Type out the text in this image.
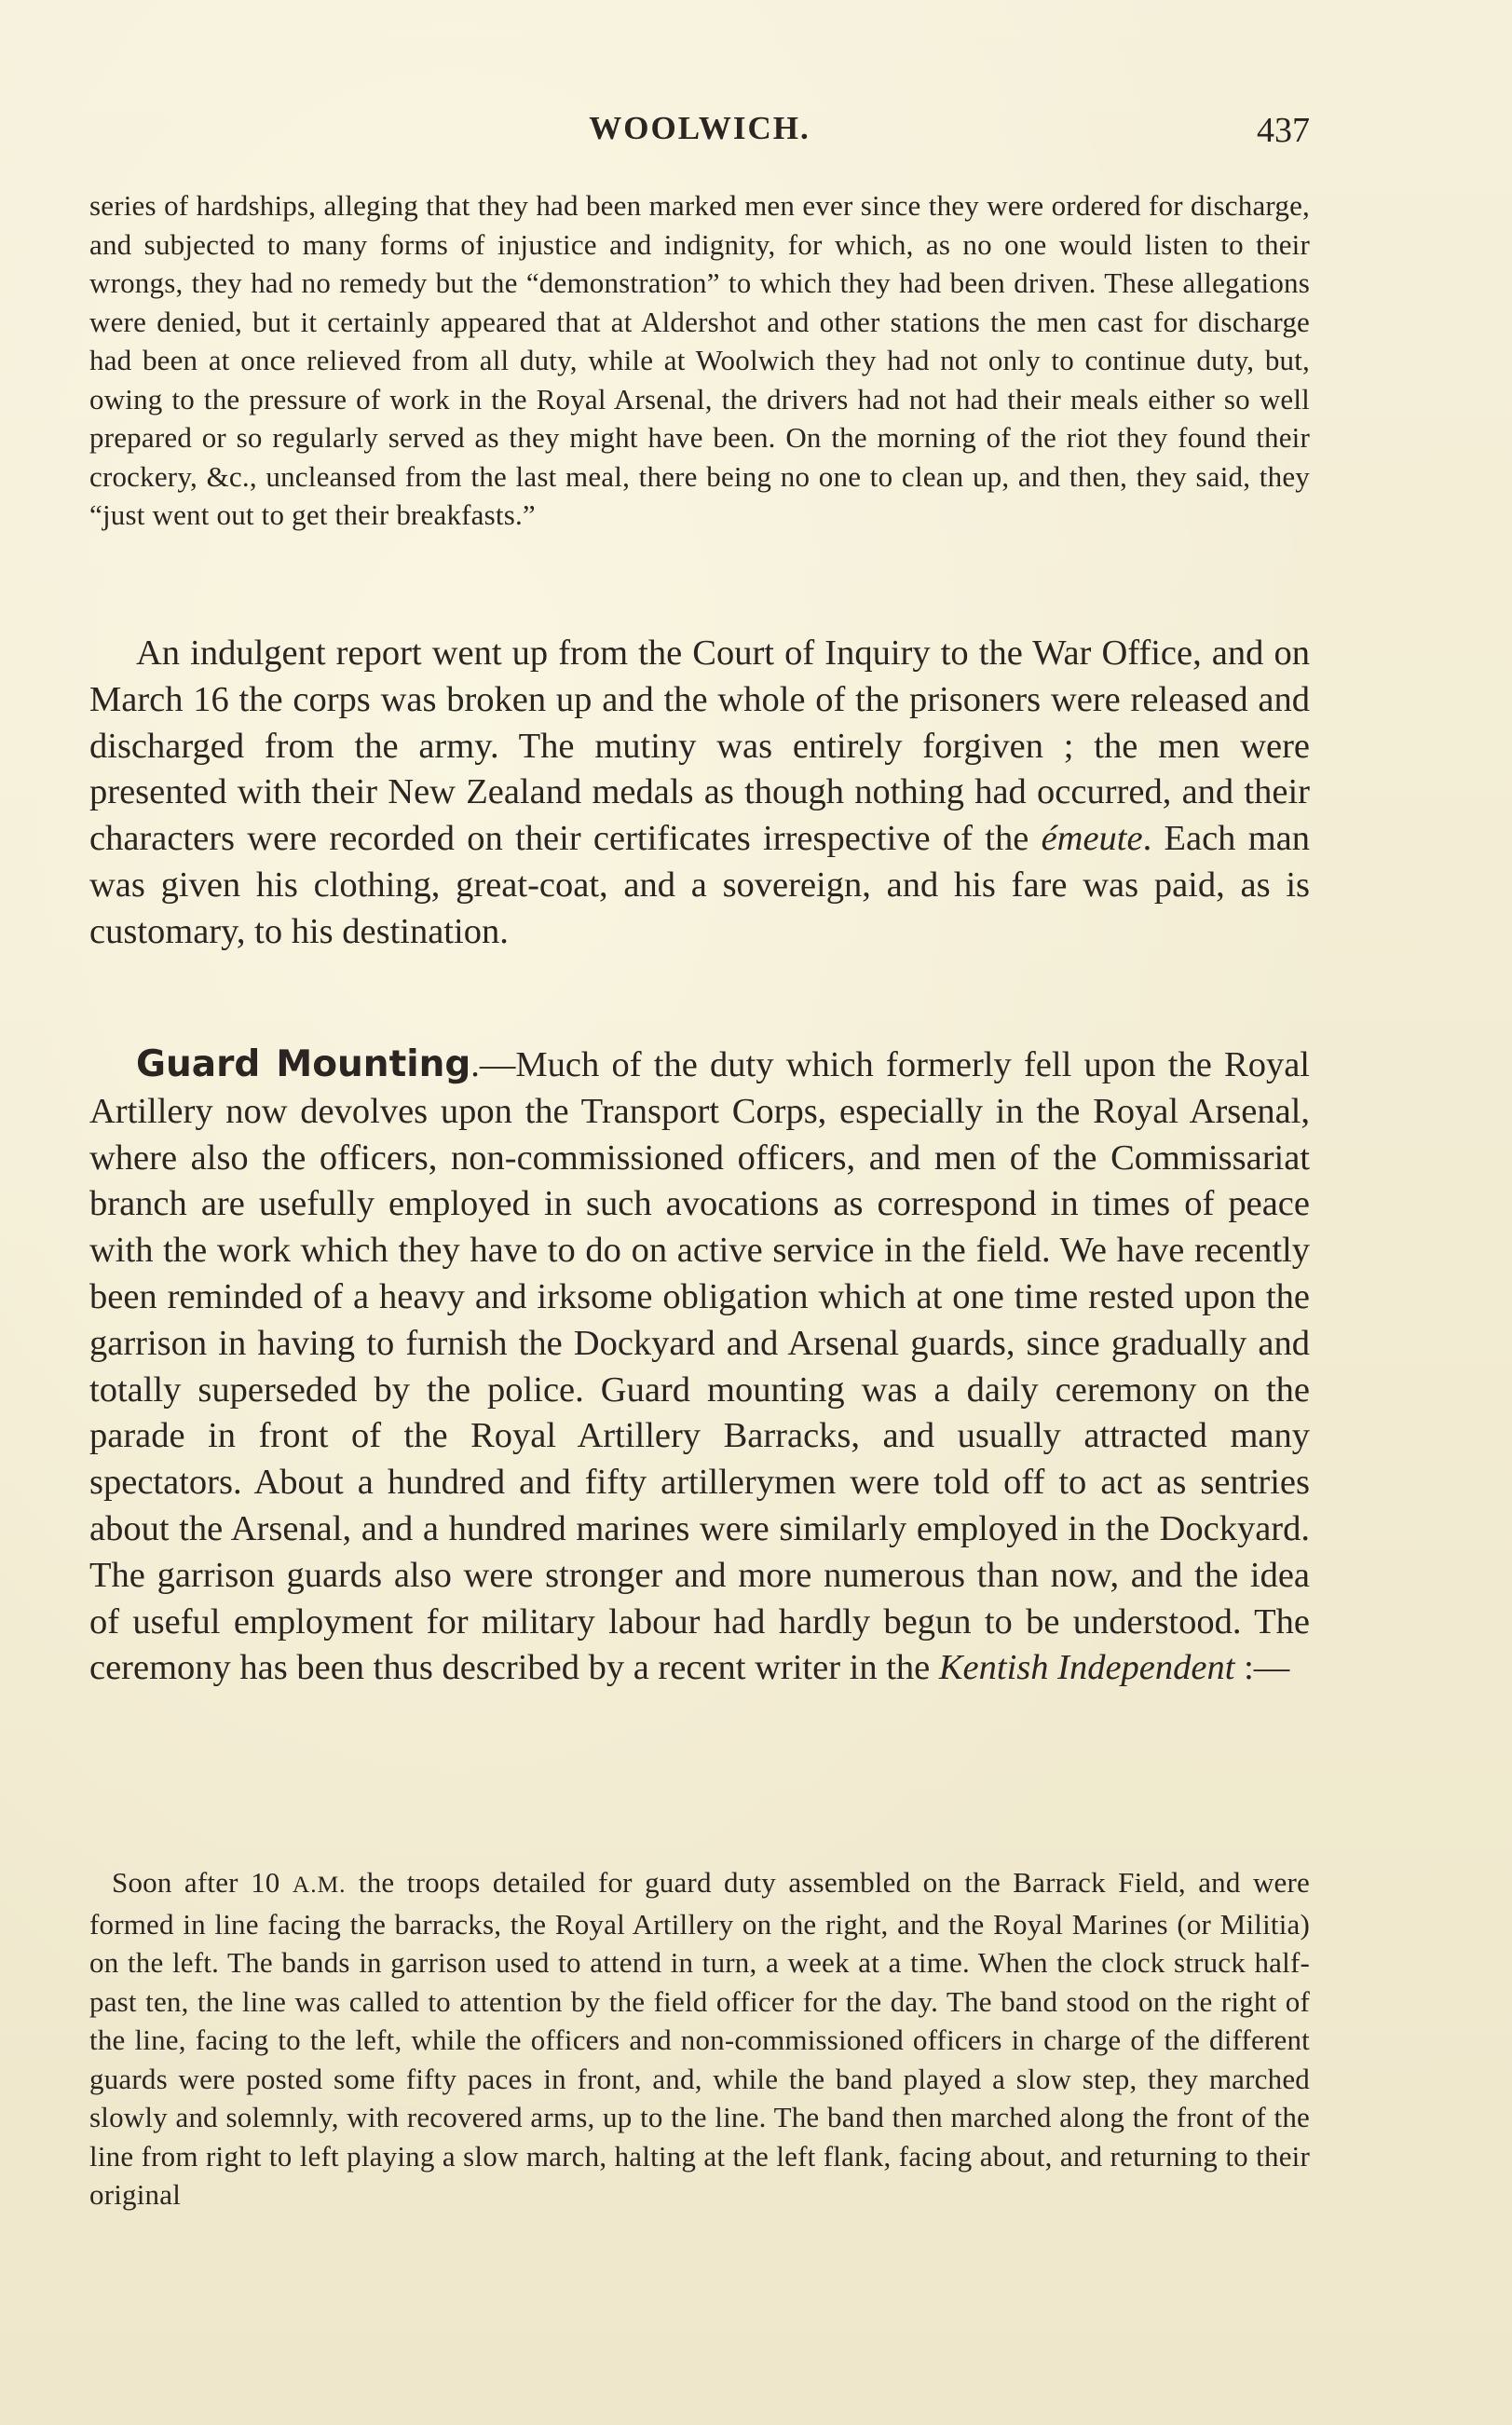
WOOLWICH.	437

series of hardships, alleging that they had been marked men ever since they were ordered for discharge, and subjected to many forms of injustice and indignity, for which, as no one would listen to their wrongs, they had no remedy but the “demonstration” to which they had been driven. These allegations were denied, but it certainly appeared that at Aldershot and other stations the men cast for discharge had been at once relieved from all duty, while at Woolwich they had not only to continue duty, but, owing to the pressure of work in the Royal Arsenal, the drivers had not had their meals either so well prepared or so regularly served as they might have been. On the morning of the riot they found their crockery, &c., uncleansed from the last meal, there being no one to clean up, and then, they said, they “just went out to get their breakfasts.”

An indulgent report went up from the Court of Inquiry to the War Office, and on March 16 the corps was broken up and the whole of the prisoners were released and discharged from the army. The mutiny was entirely forgiven ; the men were presented with their New Zealand medals as though nothing had occurred, and their characters were recorded on their certificates irrespective of the émeute. Each man was given his clothing, great-coat, and a sovereign, and his fare was paid, as is customary, to his destination.

Guard Mounting.—Much of the duty which formerly fell upon the Royal Artillery now devolves upon the Transport Corps, especially in the Royal Arsenal, where also the officers, non-commissioned officers, and men of the Commissariat branch are usefully employed in such avocations as correspond in times of peace with the work which they have to do on active service in the field. We have recently been reminded of a heavy and irksome obligation which at one time rested upon the garrison in having to furnish the Dockyard and Arsenal guards, since gradually and totally superseded by the police. Guard mounting was a daily ceremony on the parade in front of the Royal Artillery Barracks, and usually attracted many spectators. About a hundred and fifty artillerymen were told off to act as sentries about the Arsenal, and a hundred marines were similarly employed in the Dockyard. The garrison guards also were stronger and more numerous than now, and the idea of useful employment for military labour had hardly begun to be understood. The ceremony has been thus described by a recent writer in the Kentish Independent :—

Soon after 10 A.M. the troops detailed for guard duty assembled on the Barrack Field, and were formed in line facing the barracks, the Royal Artillery on the right, and the Royal Marines (or Militia) on the left. The bands in garrison used to attend in turn, a week at a time. When the clock struck half-past ten, the line was called to attention by the field officer for the day. The band stood on the right of the line, facing to the left, while the officers and non-commissioned officers in charge of the different guards were posted some fifty paces in front, and, while the band played a slow step, they marched slowly and solemnly, with recovered arms, up to the line. The band then marched along the front of the line from right to left playing a slow march, halting at the left flank, facing about, and returning to their original
